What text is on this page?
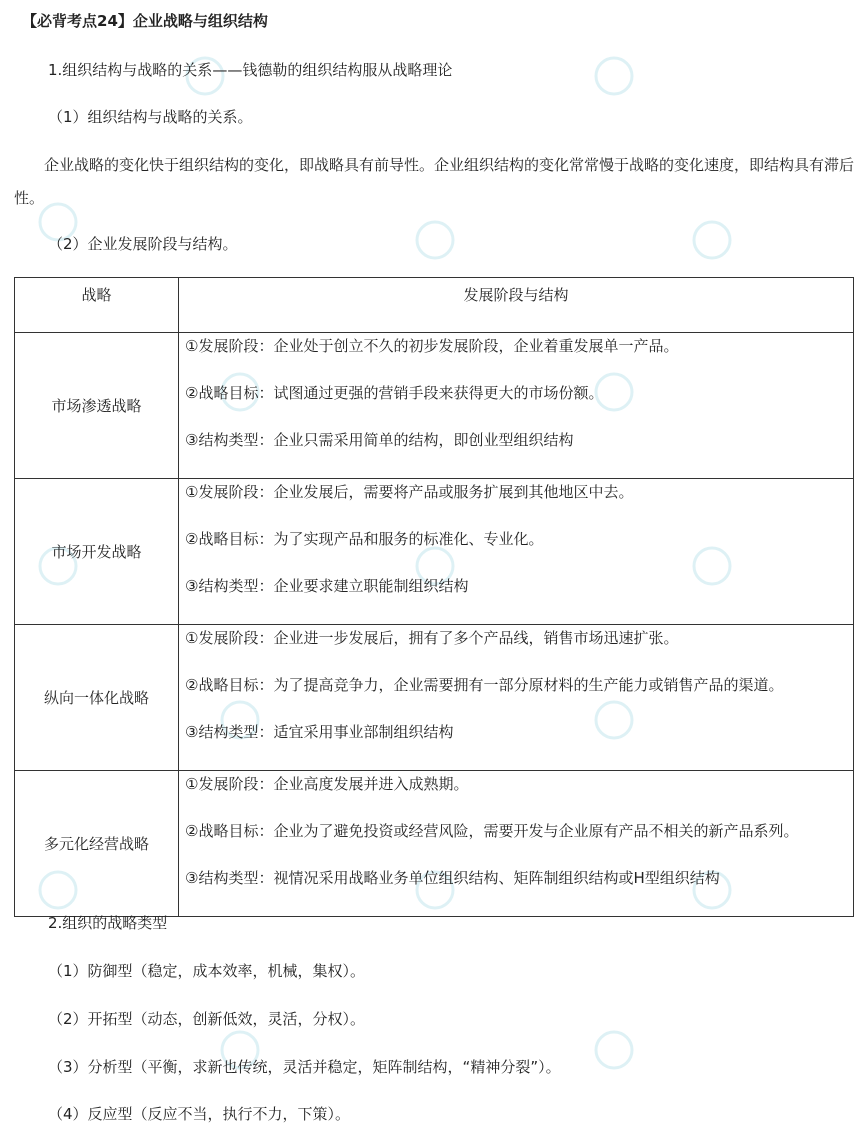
【必背考点24】企业战略与组织结构
1.组织结构与战略的关系——钱德勒的组织结构服从战略理论
（1）组织结构与战略的关系。
企业战略的变化快于组织结构的变化，即战略具有前导性。企业组织结构的变化常常慢于战略的变化速度，即结构具有滞后性。
（2）企业发展阶段与结构。
战略	发展阶段与结构
市场渗透战略	①发展阶段：企业处于创立不久的初步发展阶段，企业着重发展单一产品。
②战略目标：试图通过更强的营销手段来获得更大的市场份额。
③结构类型：企业只需采用简单的结构，即创业型组织结构

市场开发战略	①发展阶段：企业发展后，需要将产品或服务扩展到其他地区中去。
②战略目标：为了实现产品和服务的标准化、专业化。
③结构类型：企业要求建立职能制组织结构

纵向一体化战略	①发展阶段：企业进一步发展后，拥有了多个产品线，销售市场迅速扩张。
②战略目标：为了提高竞争力，企业需要拥有一部分原材料的生产能力或销售产品的渠道。
③结构类型：适宜采用事业部制组织结构

多元化经营战略	①发展阶段：企业高度发展并进入成熟期。
②战略目标：企业为了避免投资或经营风险，需要开发与企业原有产品不相关的新产品系列。
③结构类型：视情况采用战略业务单位组织结构、矩阵制组织结构或H型组织结构
2.组织的战略类型
（1）防御型（稳定，成本效率，机械，集权）。
（2）开拓型（动态，创新低效，灵活，分权）。
（3）分析型（平衡，求新也传统，灵活并稳定，矩阵制结构，“精神分裂”）。
（4）反应型（反应不当，执行不力，下策）。
